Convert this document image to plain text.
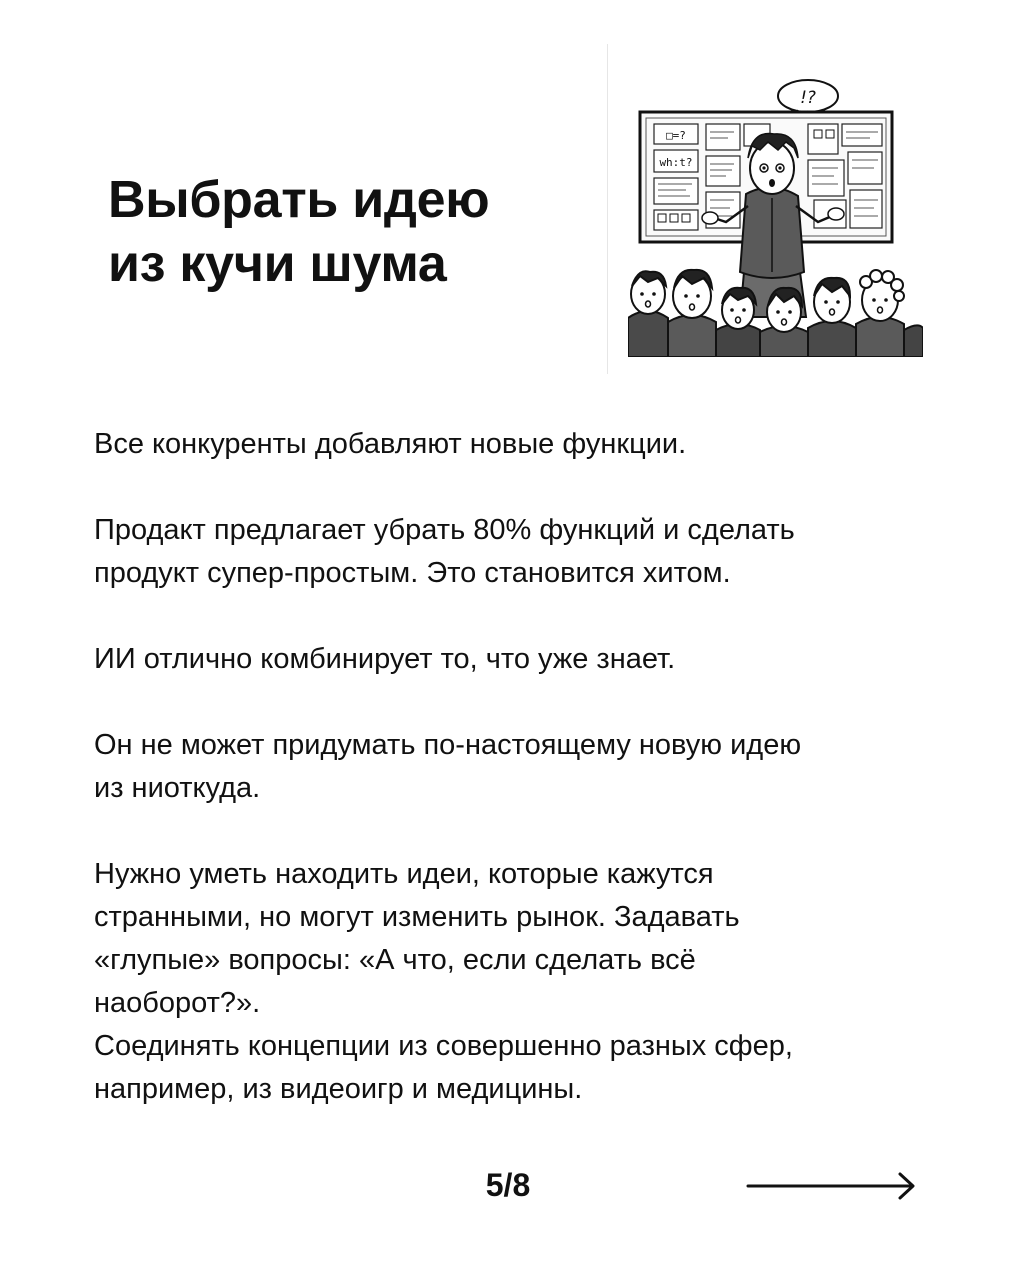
Выбрать идею
из кучи шума
!?
□=?
wh:t?

Все конкуренты добавляют новые функции.

Продакт предлагает убрать 80% функций и сделать
продукт супер-простым. Это становится хитом.

ИИ отлично комбинирует то, что уже знает.

Он не может придумать по-настоящему новую идею
из ниоткуда.

Нужно уметь находить идеи, которые кажутся
странными, но могут изменить рынок. Задавать
«глупые» вопросы: «А что, если сделать всё
наоборот?».
Соединять концепции из совершенно разных сфер,
например, из видеоигр и медицины.

5/8
